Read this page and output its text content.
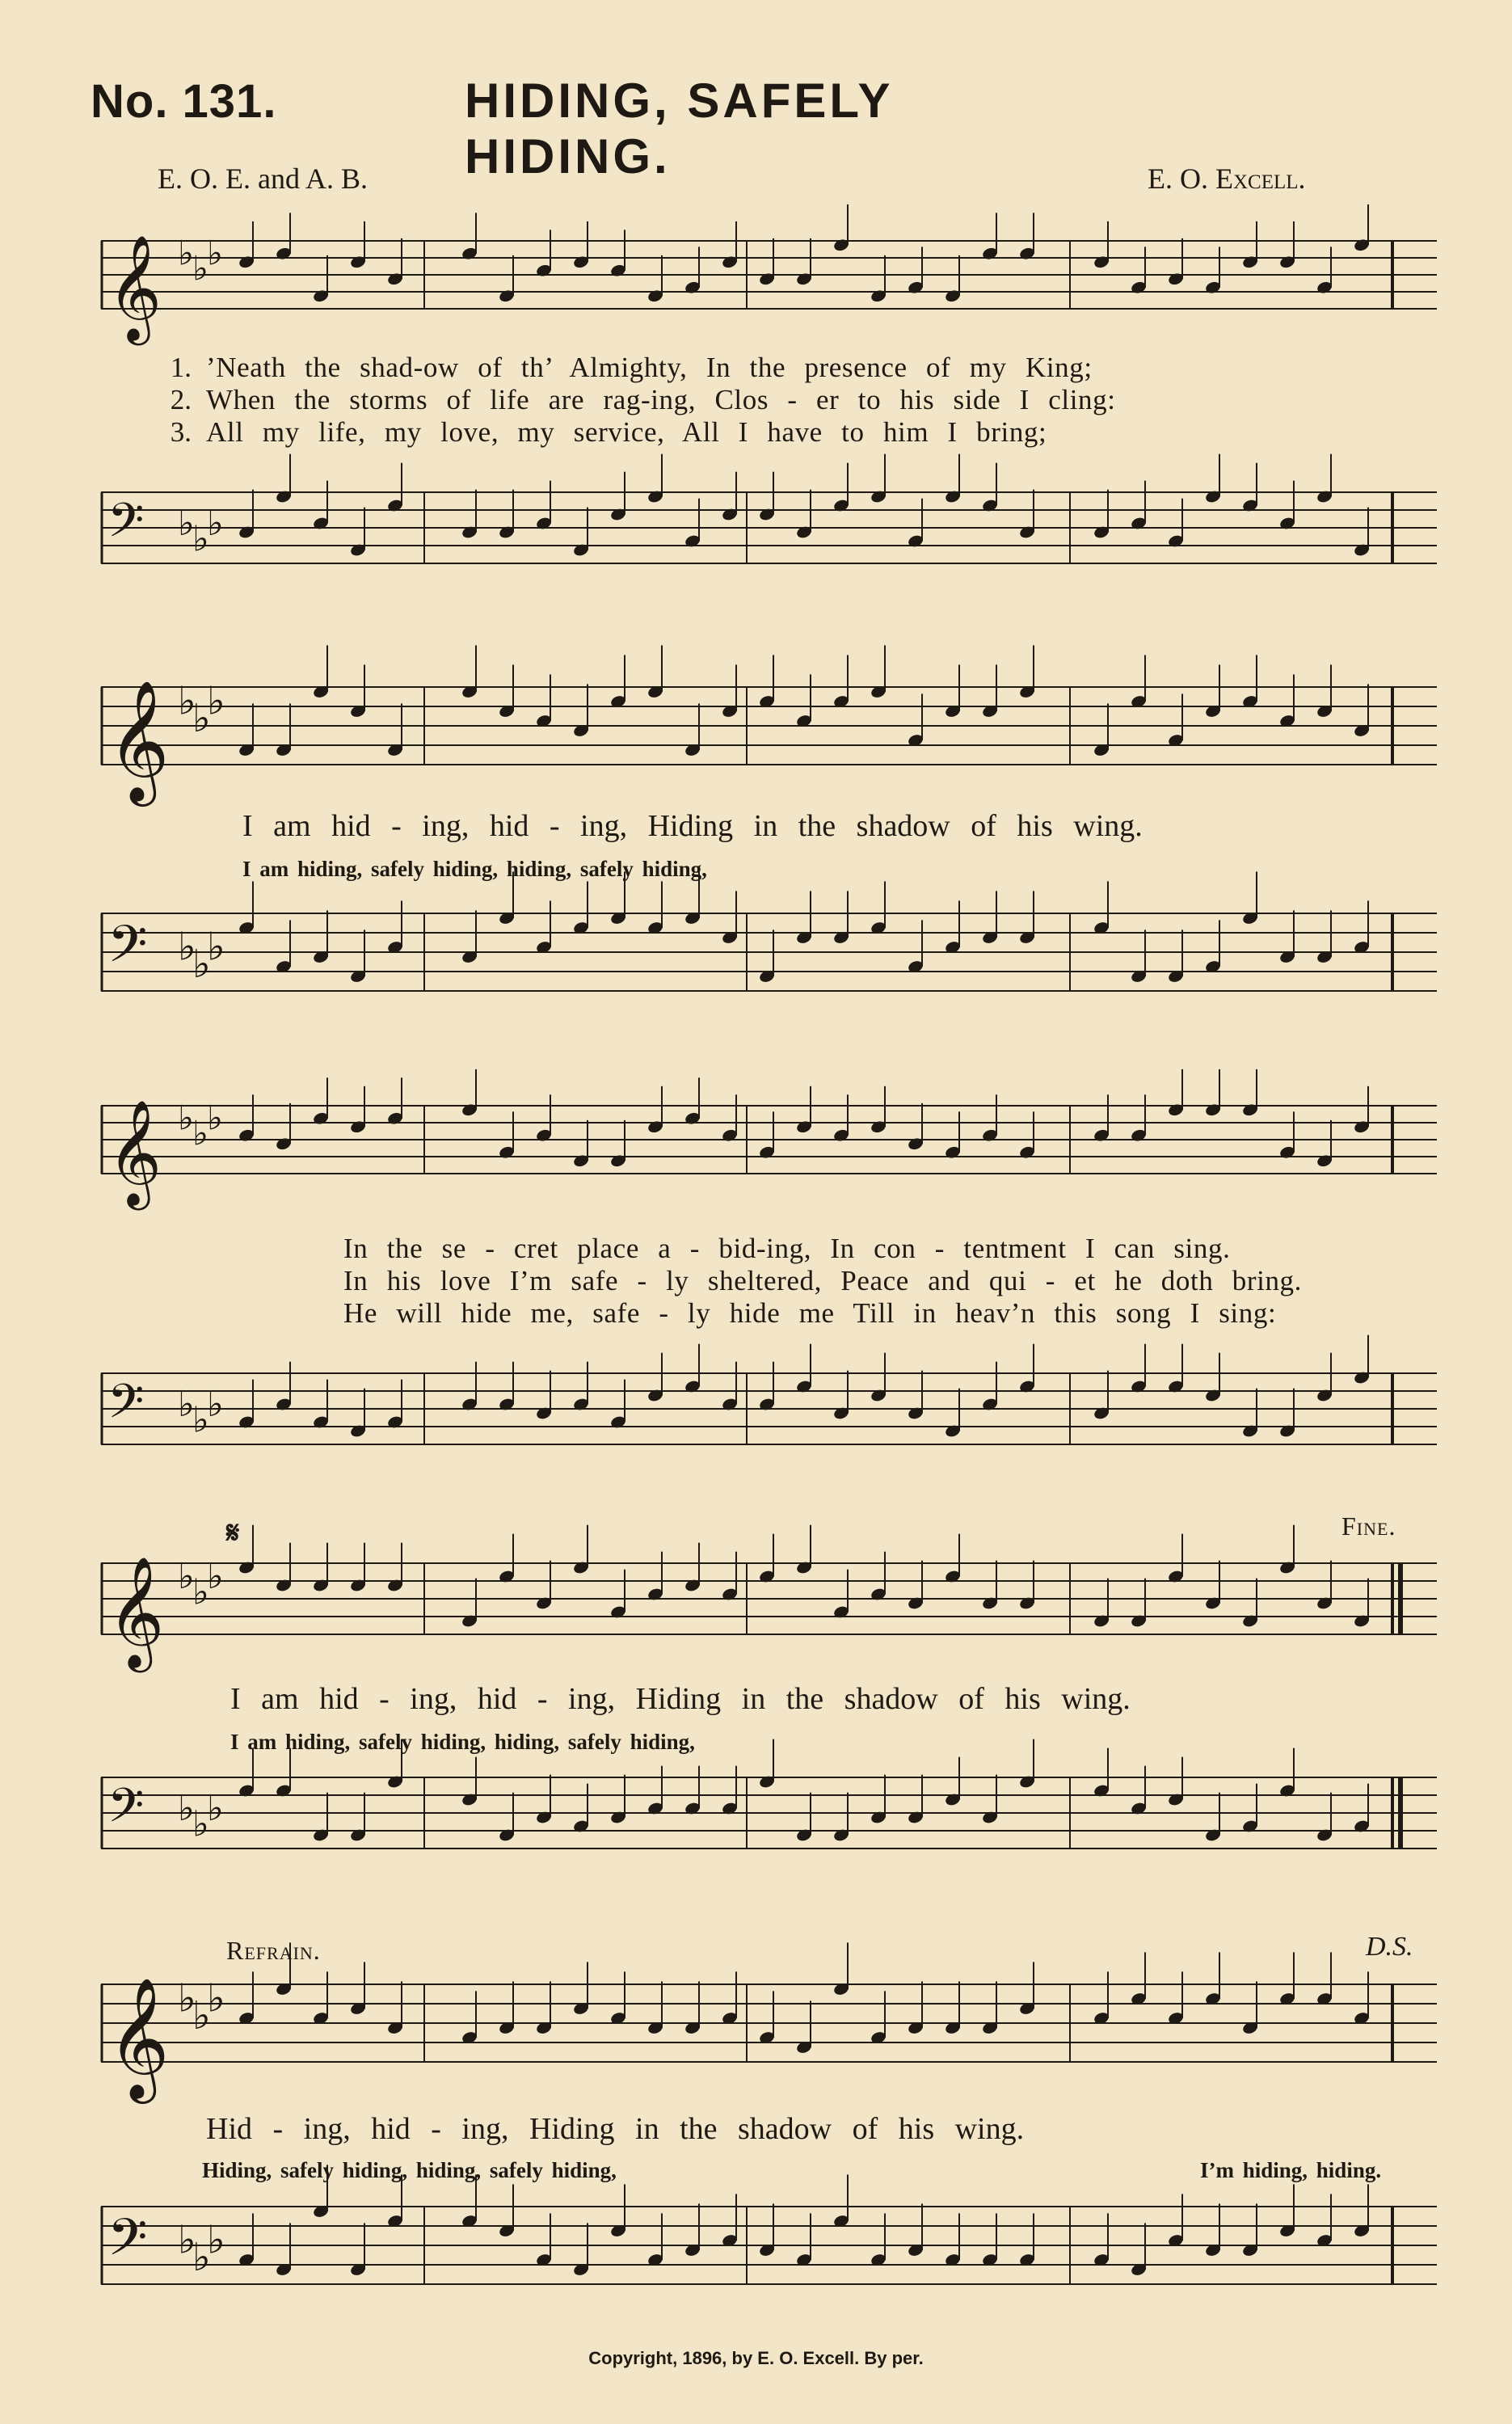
No. 131.	HIDING, SAFELY HIDING.
E. O. E. and A. B.	E. O. Excell.
𝄞 ♭
♭
♭
1. ’Neath the shad-ow of th’ Almighty, In the presence of my King;
2. When the storms of life are rag-ing, Clos - er to his side I cling:
3. All my life, my love, my service, All I have to him I bring;
𝄢 ♭
♭
♭
𝄞 ♭
♭
♭
I am hid - ing, hid - ing, Hiding in the shadow of his wing.
I am hiding, safely hiding, hiding, safely hiding,
𝄢 ♭
♭
♭
𝄞 ♭
♭
♭
In the se - cret place a - bid-ing, In con - tentment I can sing.
In his love I’m safe - ly sheltered, Peace and qui - et he doth bring.
He will hide me, safe - ly hide me Till in heav’n this song I sing:
𝄢 ♭
♭
♭
𝄋	Fine.
𝄞 ♭
♭
♭
I am hid - ing, hid - ing, Hiding in the shadow of his wing.
I am hiding, safely hiding, hiding, safely hiding,
𝄢 ♭
♭
♭
Refrain.	D.S.
𝄞 ♭
♭
♭
Hid - ing, hid - ing, Hiding in the shadow of his wing.
Hiding, safely hiding, hiding, safely hiding,	I’m hiding, hiding.
𝄢 ♭
♭
♭
Copyright, 1896, by E. O. Excell. By per.
